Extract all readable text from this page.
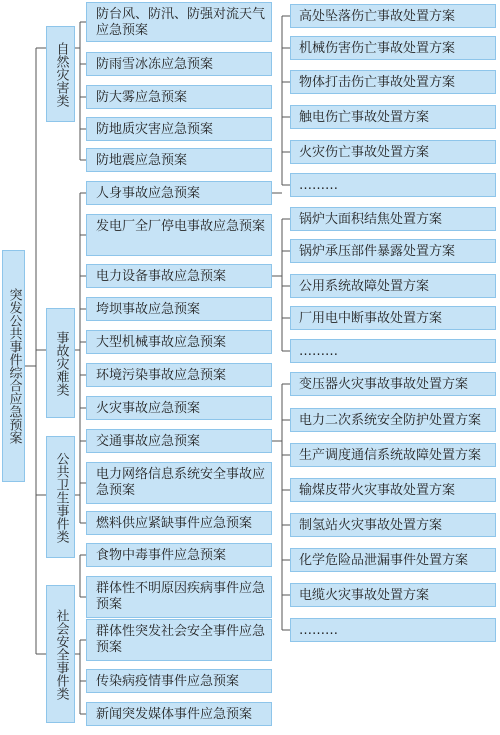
突发公共事件综合应急预案
自然灾害类
事故灾难类
公共卫生事件类
社会安全事件类
防台风、防汛、防强对流天气应急预案
防雨雪冰冻应急预案
防大雾应急预案
防地质灾害应急预案
防地震应急预案
人身事故应急预案
发电厂全厂停电事故应急预案
电力设备事故应急预案
垮坝事故应急预案
大型机械事故应急预案
环境污染事故应急预案
火灾事故应急预案
交通事故应急预案
电力网络信息系统安全事故应急预案
燃料供应紧缺事件应急预案
食物中毒事件应急预案
群体性不明原因疾病事件应急预案
群体性突发社会安全事件应急预案
传染病疫情事件应急预案
新闻突发媒体事件应急预案
高处坠落伤亡事故处置方案
机械伤害伤亡事故处置方案
物体打击伤亡事故处置方案
触电伤亡事故处置方案
火灾伤亡事故处置方案
………
锅炉大面积结焦处置方案
锅炉承压部件暴露处置方案
公用系统故障处置方案
厂用电中断事故处置方案
………
变压器火灾事故事故处置方案
电力二次系统安全防护处置方案
生产调度通信系统故障处置方案
输煤皮带火灾事故处置方案
制氢站火灾事故处置方案
化学危险品泄漏事件处置方案
电缆火灾事故处置方案
………
